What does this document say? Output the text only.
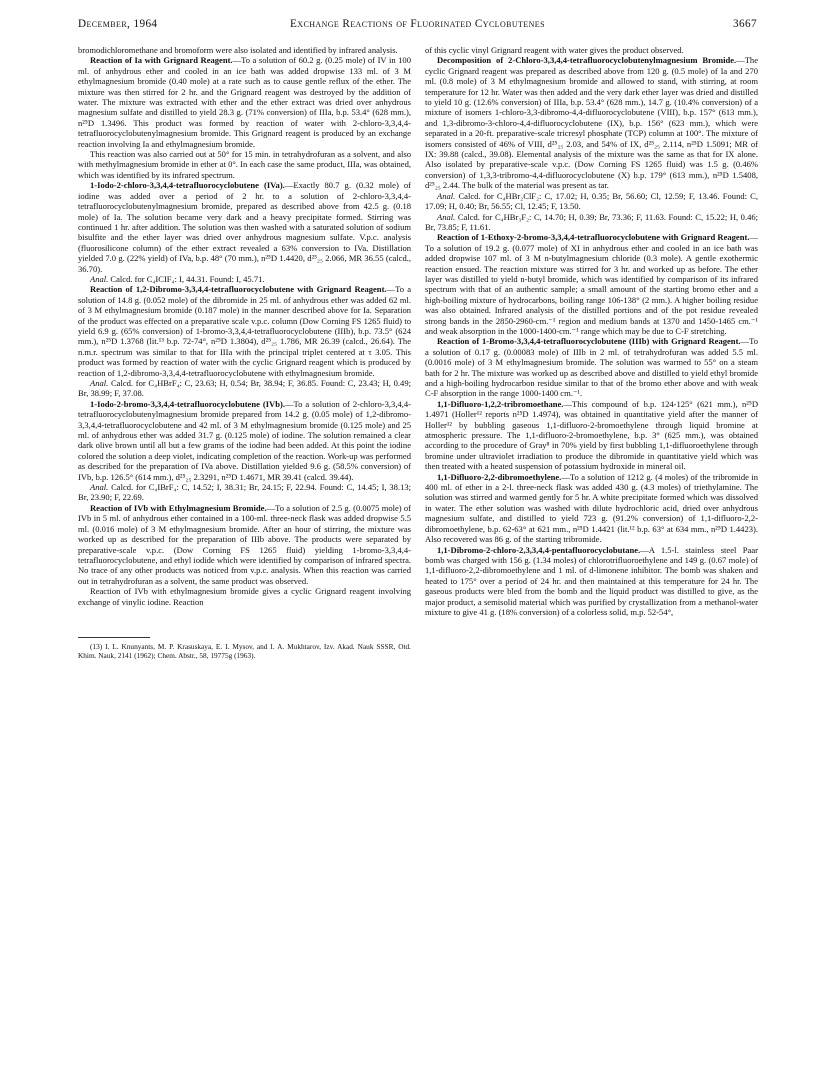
December, 1964	Exchange Reactions of Fluorinated Cyclobutenes	3667

bromodichloromethane and bromoform were also isolated and identified by infrared analysis.

Reaction of Ia with Grignard Reagent.—To a solution of 60.2 g. (0.25 mole) of IV in 100 ml. of anhydrous ether and cooled in an ice bath was added dropwise 133 ml. of 3 M ethylmagnesium bromide (0.40 mole) at a rate such as to cause gentle reflux of the ether. The mixture was then stirred for 2 hr. and the Grignard reagent was destroyed by the addition of water. The mixture was extracted with ether and the ether extract was dried over anhydrous magnesium sulfate and distilled to yield 28.3 g. (71% conversion) of IIIa, b.p. 53.4° (628 mm.), n²⁵D 1.3496. This product was formed by reaction of water with 2-chloro-3,3,4,4-tetrafluorocyclobutenylmagnesium bromide. This Grignard reagent is produced by an exchange reaction involving Ia and ethylmagnesium bromide.

This reaction was also carried out at 50° for 15 min. in tetrahydrofuran as a solvent, and also with methylmagnesium bromide in ether at 0°. In each case the same product, IIIa, was obtained, which was identified by its infrared spectrum.

1-Iodo-2-chloro-3,3,4,4-tetrafluorocyclobutene (IVa).—Exactly 80.7 g. (0.32 mole) of iodine was added over a period of 2 hr. to a solution of 2-chloro-3,3,4,4-tetrafluorocyclobutenylmagnesium bromide, prepared as described above from 42.5 g. (0.18 mole) of Ia. The solution became very dark and a heavy precipitate formed. Stirring was continued 1 hr. after addition. The solution was then washed with a saturated solution of sodium bisulfite and the ether layer was dried over anhydrous magnesium sulfate. V.p.c. analysis (fluorosilicone column) of the ether extract revealed a 63% conversion to IVa. Distillation yielded 7.0 g. (22% yield) of IVa, b.p. 48° (70 mm.), n²⁵D 1.4420, d²⁵₂₅ 2.066, MR 36.55 (calcd., 36.70).

Anal. Calcd. for C₄ICIF₄: I, 44.31. Found: I, 45.71.

Reaction of 1,2-Dibromo-3,3,4,4-tetrafluorocyclobutene with Grignard Reagent.—To a solution of 14.8 g. (0.052 mole) of the dibromide in 25 ml. of anhydrous ether was added 62 ml. of 3 M ethylmagnesium bromide (0.187 mole) in the manner described above for Ia. Separation of the product was effected on a preparative scale v.p.c. column (Dow Corning FS 1265 fluid) to yield 6.9 g. (65% conversion) of 1-bromo-3,3,4,4-tetrafluorocyclobutene (IIIb), b.p. 73.5° (624 mm.), n²⁵D 1.3768 (lit.¹³ b.p. 72-74°, n²⁵D 1.3804), d²⁵₂₅ 1.786, MR 26.39 (calcd., 26.64). The n.m.r. spectrum was similar to that for IIIa with the principal triplet centered at τ 3.05. This product was formed by reaction of water with the cyclic Grignard reagent which is produced by reaction of 1,2-dibromo-3,3,4,4-tetrafluorocyclobutene with ethylmagnesium bromide.

Anal. Calcd. for C₄HBrF₄: C, 23.63; H, 0.54; Br, 38.94; F, 36.85. Found: C, 23.43; H, 0.49; Br, 38.99; F, 37.08.

1-Iodo-2-bromo-3,3,4,4-tetrafluorocyclobutene (IVb).—To a solution of 2-chloro-3,3,4,4-tetrafluorocyclobutenylmagnesium bromide prepared from 14.2 g. (0.05 mole) of 1,2-dibromo-3,3,4,4-tetrafluorocyclobutene and 42 ml. of 3 M ethylmagnesium bromide (0.125 mole) and 25 ml. of anhydrous ether was added 31.7 g. (0.125 mole) of iodine. The solution remained a clear dark olive brown until all but a few grams of the iodine had been added. At this point the iodine colored the solution a deep violet, indicating completion of the reaction. Work-up was performed as described for the preparation of IVa above. Distillation yielded 9.6 g. (58.5% conversion) of IVb, b.p. 126.5° (614 mm.), d²⁵₂₅ 2.3291, n²⁵D 1.4671, MR 39.41 (calcd. 39.44).

Anal. Calcd. for C₄IBrF₄: C, 14.52; I, 38.31; Br, 24.15; F, 22.94. Found: C, 14.45; I, 38.13; Br, 23.90; F, 22.69.

Reaction of IVb with Ethylmagnesium Bromide.—To a solution of 2.5 g. (0.0075 mole) of IVb in 5 ml. of anhydrous ether contained in a 100-ml. three-neck flask was added dropwise 5.5 ml. (0.016 mole) of 3 M ethylmagnesium bromide. After an hour of stirring, the mixture was worked up as described for the preparation of IIIb above. The products were separated by preparative-scale v.p.c. (Dow Corning FS 1265 fluid) yielding 1-bromo-3,3,4,4-tetrafluorocyclobutene, and ethyl iodide which were identified by comparison of infrared spectra. No trace of any other products was noticed from v.p.c. analysis. When this reaction was carried out in tetrahydrofuran as a solvent, the same product was observed.

Reaction of IVb with ethylmagnesium bromide gives a cyclic Grignard reagent involving exchange of vinylic iodine. Reaction

(13) I. L. Knunyants, M. P. Krasuskaya, E. I. Mysov, and I. A. Mukhtarov, Izv. Akad. Nauk SSSR, Otd. Khim. Nauk, 2141 (1962); Chem. Abstr., 58, 19775g (1963).

of this cyclic vinyl Grignard reagent with water gives the product observed.

Decomposition of 2-Chloro-3,3,4,4-tetrafluorocyclobutenylmagnesium Bromide.—The cyclic Grignard reagent was prepared as described above from 120 g. (0.5 mole) of Ia and 270 ml. (0.8 mole) of 3 M ethylmagnesium bromide and allowed to stand, with stirring, at room temperature for 12 hr. Water was then added and the very dark ether layer was dried and distilled to yield 10 g. (12.6% conversion) of IIIa, b.p. 53.4° (628 mm.), 14.7 g. (10.4% conversion) of a mixture of isomers 1-chloro-3,3-dibromo-4,4-difluorocyclobutene (VIII), b.p. 157° (613 mm.), and 1,3-dibromo-3-chloro-4,4-difluorocyclobutene (IX), b.p. 156° (623 mm.), which were separated in a 20-ft. preparative-scale tricresyl phosphate (TCP) column at 100°. The mixture of isomers consisted of 46% of VIII, d²⁵₂₅ 2.03, and 54% of IX, d²⁵₂₅ 2.114, n²⁵D 1.5091; MR of IX: 39.88 (calcd., 39.08). Elemental analysis of the mixture was the same as that for IX alone. Also isolated by preparative-scale v.p.c. (Dow Corning FS 1265 fluid) was 1.5 g. (0.46% conversion) of 1,3,3-tribromo-4,4-difluorocyclobutene (X) b.p. 179° (613 mm.), n²⁵D 1.5408, d²⁵₂₅ 2.44. The bulk of the material was present as tar.

Anal. Calcd. for C₄HBr₂ClF₂: C, 17.02; H, 0.35; Br, 56.60; Cl, 12.59; F, 13.46. Found: C, 17.09; H, 0.40; Br, 56.55; Cl, 12.45; F, 13.50.

Anal. Calcd. for C₄HBr₃F₂: C, 14.70; H, 0.39; Br, 73.36; F, 11.63. Found: C, 15.22; H, 0.46; Br, 73.85; F, 11.61.

Reaction of 1-Ethoxy-2-bromo-3,3,4,4-tetrafluorocyclobutene with Grignard Reagent.—To a solution of 19.2 g. (0.077 mole) of XI in anhydrous ether and cooled in an ice bath was added dropwise 107 ml. of 3 M n-butylmagnesium chloride (0.3 mole). A gentle exothermic reaction ensued. The reaction mixture was stirred for 3 hr. and worked up as before. The ether layer was distilled to yield n-butyl bromide, which was identified by comparison of its infrared spectrum with that of an authentic sample; a small amount of the starting bromo ether and a high-boiling mixture of hydrocarbons, boiling range 106-138° (2 mm.). A higher boiling residue was also obtained. Infrared analysis of the distilled portions and of the pot residue revealed strong bands in the 2850-2960-cm.⁻¹ region and medium bands at 1370 and 1450-1465 cm.⁻¹ and weak absorption in the 1000-1400-cm.⁻¹ range which may be due to C-F stretching.

Reaction of 1-Bromo-3,3,4,4-tetrafluorocyclobutene (IIIb) with Grignard Reagent.—To a solution of 0.17 g. (0.00083 mole) of IIIb in 2 ml. of tetrahydrofuran was added 5.5 ml. (0.0016 mole) of 3 M ethylmagnesium bromide. The solution was warmed to 55° on a steam bath for 2 hr. The mixture was worked up as described above and distilled to yield ethyl bromide and a high-boiling hydrocarbon residue similar to that of the bromo ether above and with weak C-F absorption in the range 1000-1400 cm.⁻¹.

1,1-Difluoro-1,2,2-tribromoethane.—This compound of b.p. 124-125° (621 mm.), n²⁵D 1.4971 (Holler¹² reports n²⁵D 1.4974), was obtained in quantitative yield after the manner of Holler¹² by bubbling gaseous 1,1-difluoro-2-bromoethylene through liquid bromine at atmospheric pressure. The 1,1-difluoro-2-bromoethylene, b.p. 3° (625 mm.), was obtained according to the procedure of Gray⁸ in 70% yield by first bubbling 1,1-difluoroethylene through bromine under ultraviolet irradiation to produce the dibromide in quantitative yield which was then treated with a heated suspension of potassium hydroxide in mineral oil.

1,1-Difluoro-2,2-dibromoethylene.—To a solution of 1212 g. (4 moles) of the tribromide in 400 ml. of ether in a 2-l. three-neck flask was added 430 g. (4.3 moles) of triethylamine. The solution was stirred and warmed gently for 5 hr. A white precipitate formed which was dissolved in water. The ether solution was washed with dilute hydrochloric acid, dried over anhydrous magnesium sulfate, and distilled to yield 723 g. (91.2% conversion) of 1,1-difluoro-2,2-dibromoethylene, b.p. 62-63° at 621 mm., n²⁵D 1.4421 (lit.¹² b.p. 63° at 634 mm., n²⁵D 1.4423). Also recovered was 86 g. of the starting tribromide.

1,1-Dibromo-2-chloro-2,3,3,4,4-pentafluorocyclobutane.—A 1.5-l. stainless steel Paar bomb was charged with 156 g. (1.34 moles) of chlorotrifluoroethylene and 149 g. (0.67 mole) of 1,1-difluoro-2,2-dibromoethylene and 1 ml. of d-limonene inhibitor. The bomb was shaken and heated to 175° over a period of 24 hr. and then maintained at this temperature for 24 hr. The gaseous products were bled from the bomb and the liquid product was distilled to give, as the major product, a semisolid material which was purified by crystallization from a methanol-water mixture to give 41 g. (18% conversion) of a colorless solid, m.p. 52-54°,
